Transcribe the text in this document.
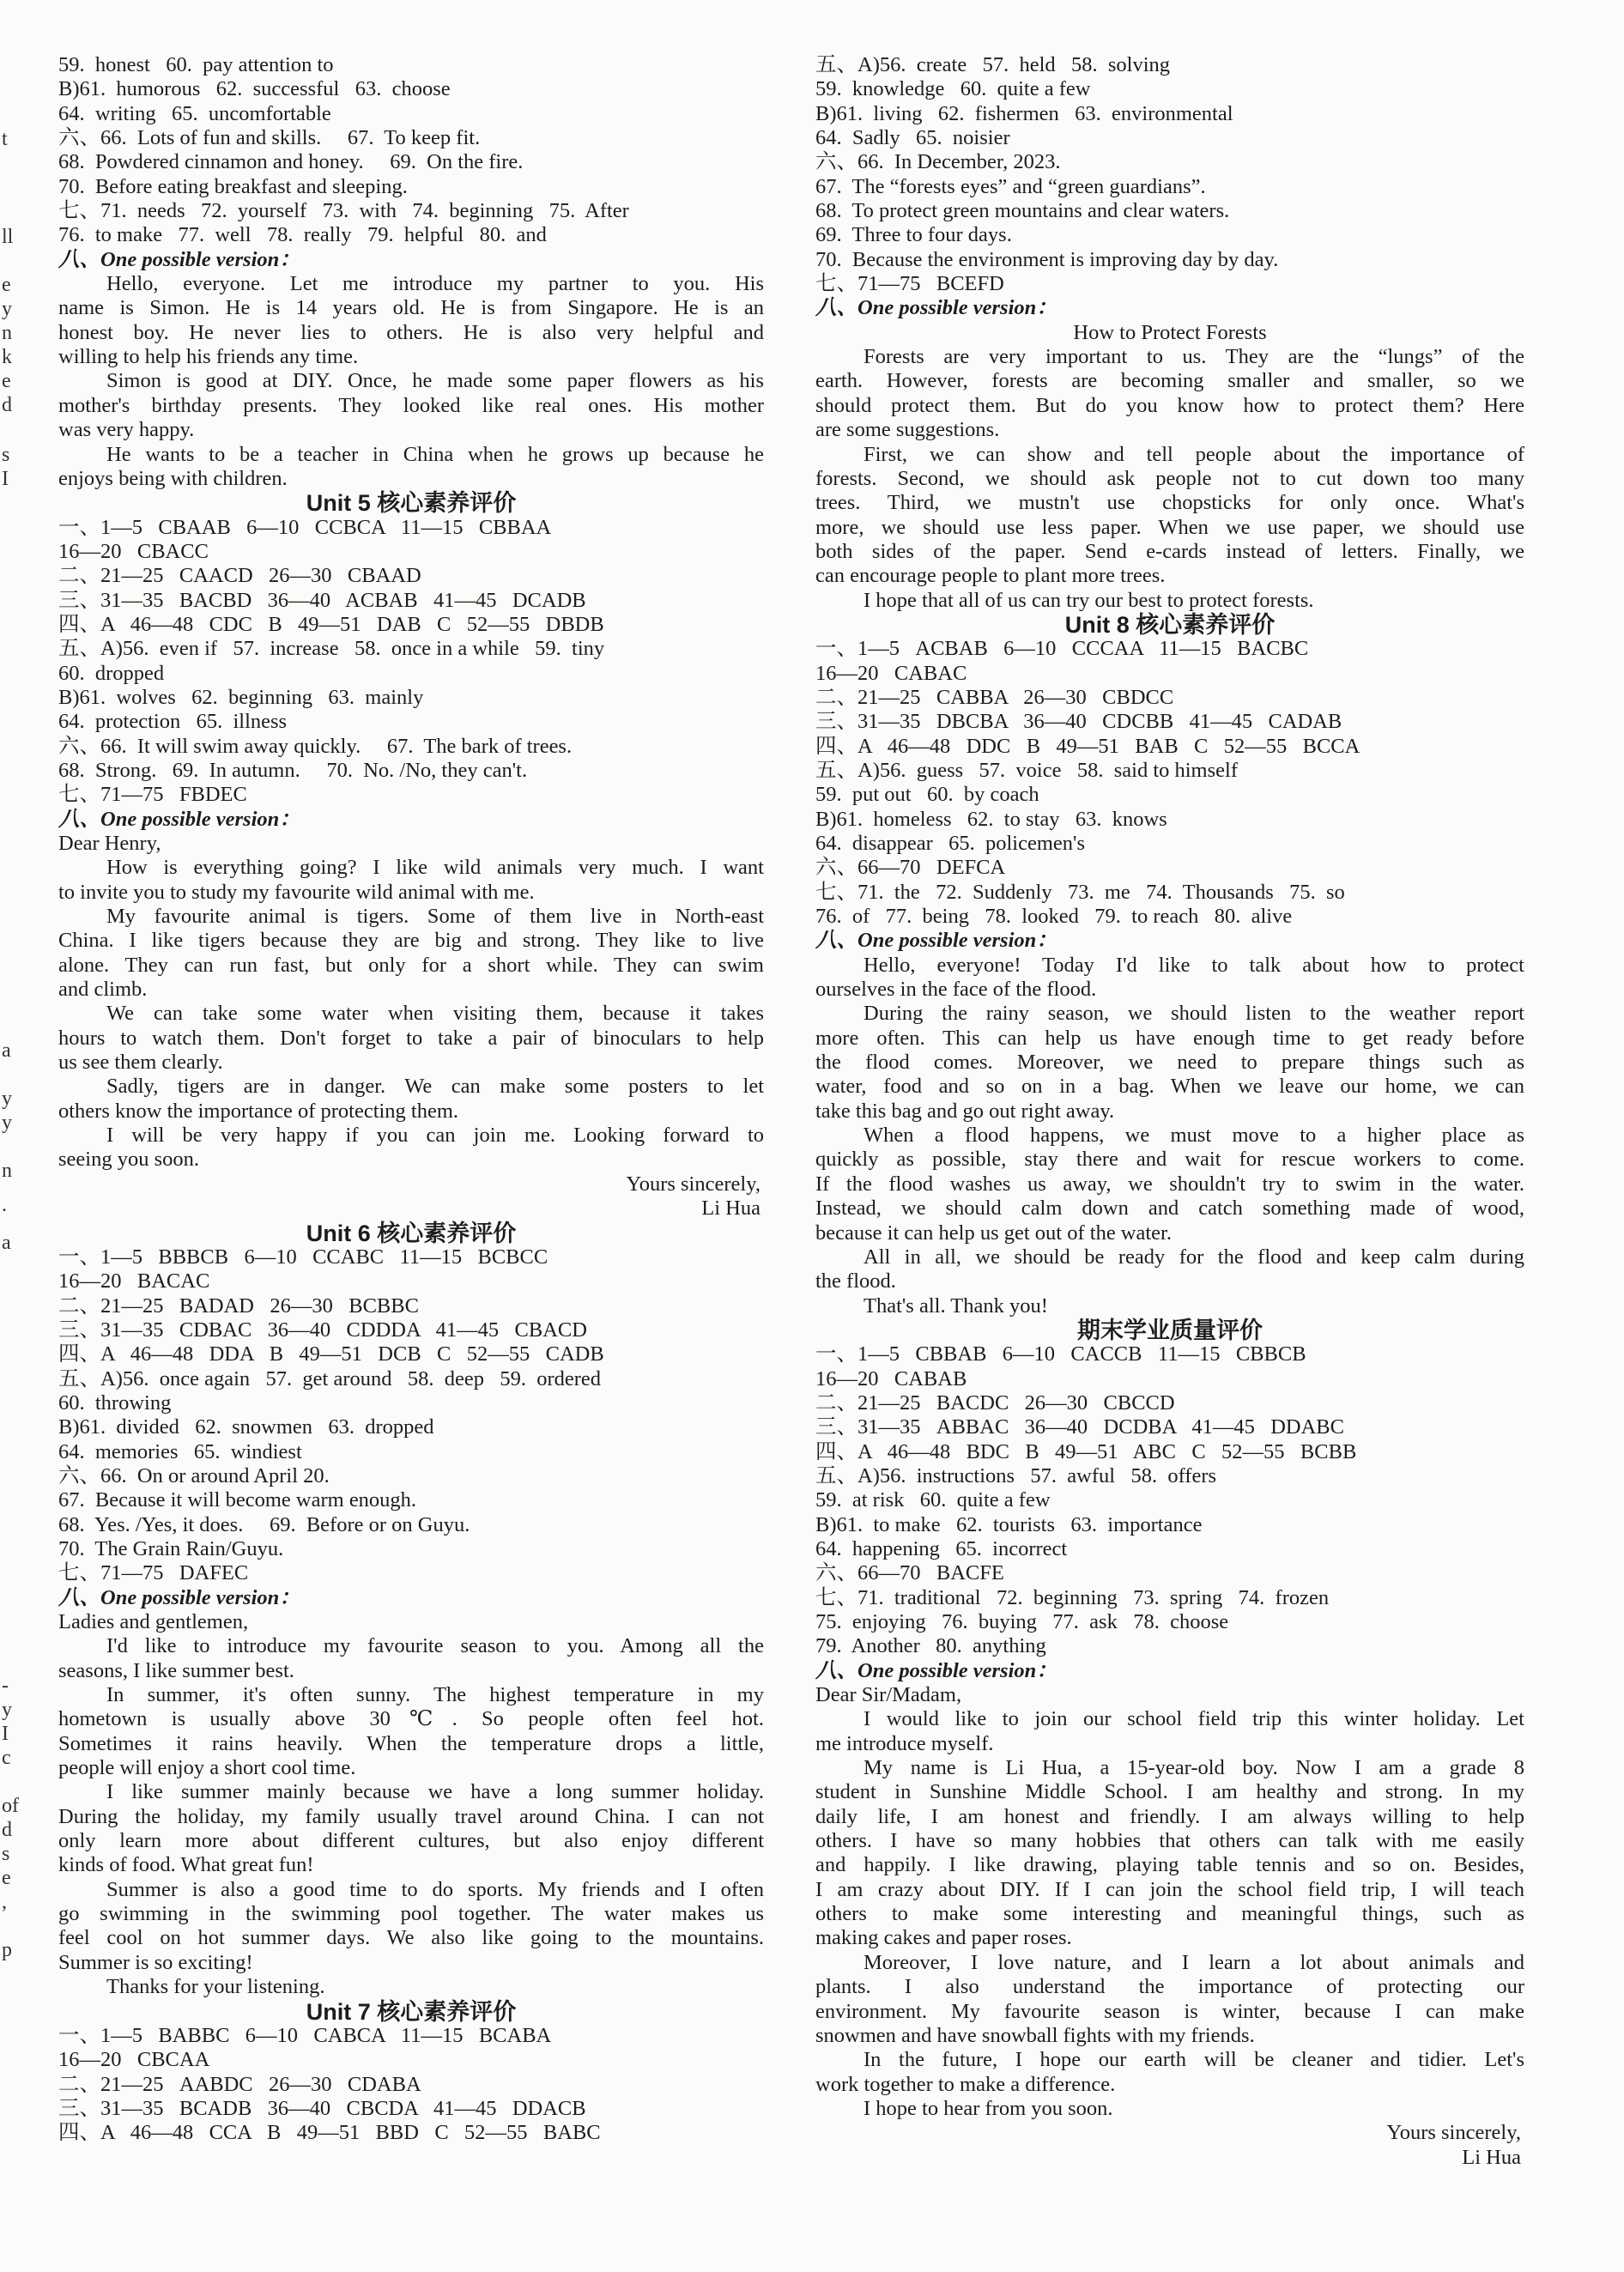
t
ll
e
y
n
k
e
d
s
I
a
y
y
n
.
a
-
y
I
c
of
d
s
e
,
p
59.  honest   60.  pay attention to
B)61.  humorous   62.  successful   63.  choose
64.  writing   65.  uncomfortable
六、66.  Lots of fun and skills.     67.  To keep fit.
68.  Powdered cinnamon and honey.     69.  On the fire.
70.  Before eating breakfast and sleeping.
七、71.  needs   72.  yourself   73.  with   74.  beginning   75.  After
76.  to make   77.  well   78.  really   79.  helpful   80.  and
八、One possible version：
Hello, everyone. Let me introduce my partner to you. His
name is Simon. He is 14 years old. He is from Singapore. He is an
honest boy. He never lies to others. He is also very helpful and
willing to help his friends any time.
Simon is good at DIY. Once, he made some paper flowers as his
mother's birthday presents. They looked like real ones. His mother
was very happy.
He wants to be a teacher in China when he grows up because he
enjoys being with children.
Unit 5 核心素养评价
一、1—5   CBAAB   6—10   CCBCA   11—15   CBBAA
16—20   CBACC
二、21—25   CAACD   26—30   CBAAD
三、31—35   BACBD   36—40   ACBAB   41—45   DCADB
四、A   46—48   CDC   B   49—51   DAB   C   52—55   DBDB
五、A)56.  even if   57.  increase   58.  once in a while   59.  tiny
60.  dropped
B)61.  wolves   62.  beginning   63.  mainly
64.  protection   65.  illness
六、66.  It will swim away quickly.     67.  The bark of trees.
68.  Strong.   69.  In autumn.     70.  No. /No, they can't.
七、71—75   FBDEC
八、One possible version：
Dear Henry,
How is everything going? I like wild animals very much. I want
to invite you to study my favourite wild animal with me.
My favourite animal is tigers. Some of them live in North-east
China. I like tigers because they are big and strong. They like to live
alone. They can run fast, but only for a short while. They can swim
and climb.
We can take some water when visiting them, because it takes
hours to watch them. Don't forget to take a pair of binoculars to help
us see them clearly.
Sadly, tigers are in danger. We can make some posters to let
others know the importance of protecting them.
I will be very happy if you can join me. Looking forward to
seeing you soon.
Yours sincerely,
Li Hua
Unit 6 核心素养评价
一、1—5   BBBCB   6—10   CCABC   11—15   BCBCC
16—20   BACAC
二、21—25   BADAD   26—30   BCBBC
三、31—35   CDBAC   36—40   CDDDA   41—45   CBACD
四、A   46—48   DDA   B   49—51   DCB   C   52—55   CADB
五、A)56.  once again   57.  get around   58.  deep   59.  ordered
60.  throwing
B)61.  divided   62.  snowmen   63.  dropped
64.  memories   65.  windiest
六、66.  On or around April 20.
67.  Because it will become warm enough.
68.  Yes. /Yes, it does.     69.  Before or on Guyu.
70.  The Grain Rain/Guyu.
七、71—75   DAFEC
八、One possible version：
Ladies and gentlemen,
I'd like to introduce my favourite season to you. Among all the
seasons, I like summer best.
In summer, it's often sunny. The highest temperature in my
hometown is usually above 30℃. So people often feel hot.
Sometimes it rains heavily. When the temperature drops a little,
people will enjoy a short cool time.
I like summer mainly because we have a long summer holiday.
During the holiday, my family usually travel around China. I can not
only learn more about different cultures, but also enjoy different
kinds of food. What great fun!
Summer is also a good time to do sports. My friends and I often
go swimming in the swimming pool together. The water makes us
feel cool on hot summer days. We also like going to the mountains.
Summer is so exciting!
Thanks for your listening.
Unit 7 核心素养评价
一、1—5   BABBC   6—10   CABCA   11—15   BCABA
16—20   CBCAA
二、21—25   AABDC   26—30   CDABA
三、31—35   BCADB   36—40   CBCDA   41—45   DDACB
四、A   46—48   CCA   B   49—51   BBD   C   52—55   BABC
五、A)56.  create   57.  held   58.  solving
59.  knowledge   60.  quite a few
B)61.  living   62.  fishermen   63.  environmental
64.  Sadly   65.  noisier
六、66.  In December, 2023.
67.  The “forests eyes” and “green guardians”.
68.  To protect green mountains and clear waters.
69.  Three to four days.
70.  Because the environment is improving day by day.
七、71—75   BCEFD
八、One possible version：
How to Protect Forests
Forests are very important to us. They are the “lungs” of the
earth. However, forests are becoming smaller and smaller, so we
should protect them. But do you know how to protect them? Here
are some suggestions.
First, we can show and tell people about the importance of
forests. Second, we should ask people not to cut down too many
trees. Third, we mustn't use chopsticks for only once. What's
more, we should use less paper. When we use paper, we should use
both sides of the paper. Send e-cards instead of letters. Finally, we
can encourage people to plant more trees.
I hope that all of us can try our best to protect forests.
Unit 8 核心素养评价
一、1—5   ACBAB   6—10   CCCAA   11—15   BACBC
16—20   CABAC
二、21—25   CABBA   26—30   CBDCC
三、31—35   DBCBA   36—40   CDCBB   41—45   CADAB
四、A   46—48   DDC   B   49—51   BAB   C   52—55   BCCA
五、A)56.  guess   57.  voice   58.  said to himself
59.  put out   60.  by coach
B)61.  homeless   62.  to stay   63.  knows
64.  disappear   65.  policemen's
六、66—70   DEFCA
七、71.  the   72.  Suddenly   73.  me   74.  Thousands   75.  so
76.  of   77.  being   78.  looked   79.  to reach   80.  alive
八、One possible version：
Hello, everyone! Today I'd like to talk about how to protect
ourselves in the face of the flood.
During the rainy season, we should listen to the weather report
more often. This can help us have enough time to get ready before
the flood comes. Moreover, we need to prepare things such as
water, food and so on in a bag. When we leave our home, we can
take this bag and go out right away.
When a flood happens, we must move to a higher place as
quickly as possible, stay there and wait for rescue workers to come.
If the flood washes us away, we shouldn't try to swim in the water.
Instead, we should calm down and catch something made of wood,
because it can help us get out of the water.
All in all, we should be ready for the flood and keep calm during
the flood.
That's all. Thank you!
期末学业质量评价
一、1—5   CBBAB   6—10   CACCB   11—15   CBBCB
16—20   CABAB
二、21—25   BACDC   26—30   CBCCD
三、31—35   ABBAC   36—40   DCDBA   41—45   DDABC
四、A   46—48   BDC   B   49—51   ABC   C   52—55   BCBB
五、A)56.  instructions   57.  awful   58.  offers
59.  at risk   60.  quite a few
B)61.  to make   62.  tourists   63.  importance
64.  happening   65.  incorrect
六、66—70   BACFE
七、71.  traditional   72.  beginning   73.  spring   74.  frozen
75.  enjoying   76.  buying   77.  ask   78.  choose
79.  Another   80.  anything
八、One possible version：
Dear Sir/Madam,
I would like to join our school field trip this winter holiday. Let
me introduce myself.
My name is Li Hua, a 15-year-old boy. Now I am a grade 8
student in Sunshine Middle School. I am healthy and strong. In my
daily life, I am honest and friendly. I am always willing to help
others. I have so many hobbies that others can talk with me easily
and happily. I like drawing, playing table tennis and so on. Besides,
I am crazy about DIY. If I can join the school field trip, I will teach
others to make some interesting and meaningful things, such as
making cakes and paper roses.
Moreover, I love nature, and I learn a lot about animals and
plants. I also understand the importance of protecting our
environment. My favourite season is winter, because I can make
snowmen and have snowball fights with my friends.
In the future, I hope our earth will be cleaner and tidier. Let's
work together to make a difference.
I hope to hear from you soon.
Yours sincerely,
Li Hua
